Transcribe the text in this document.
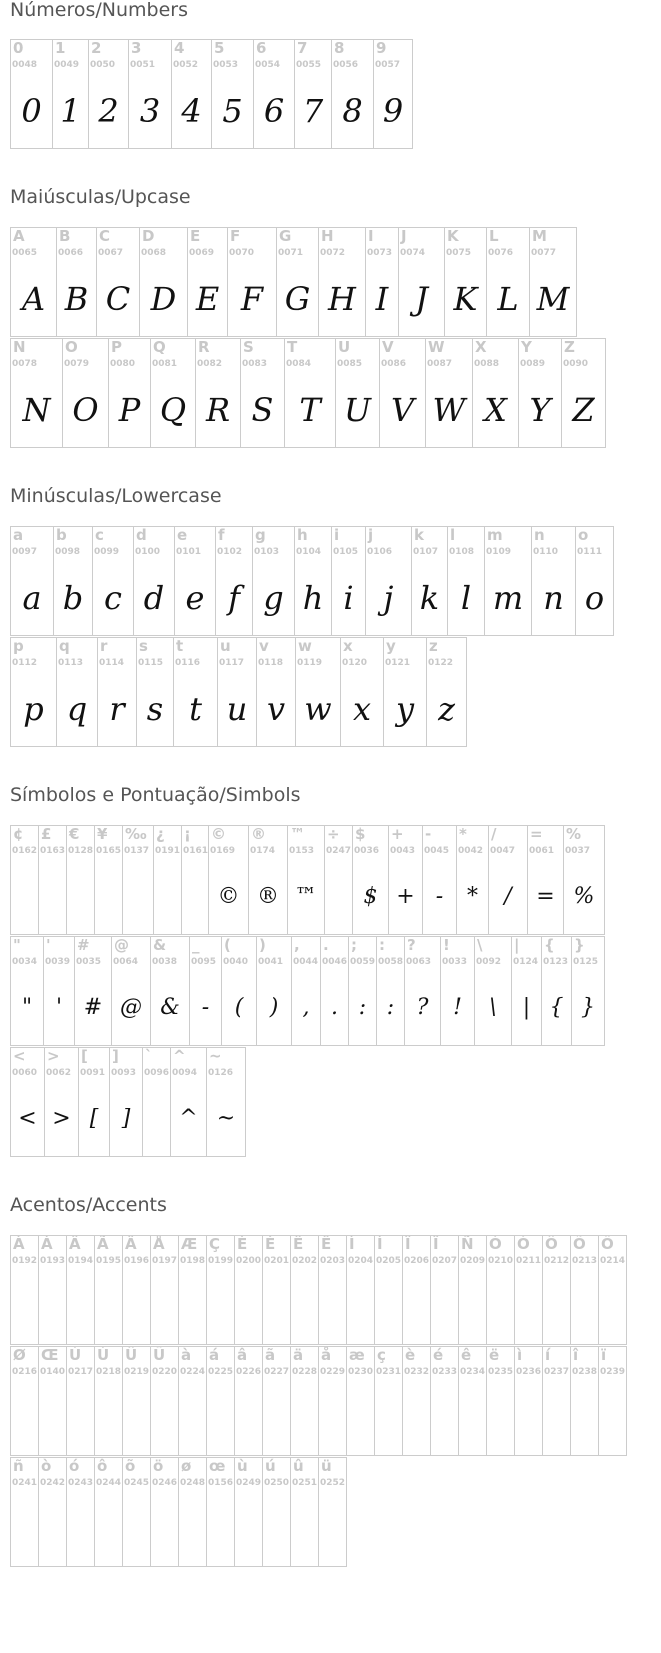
Números/Numbers
Maiúsculas/Upcase
Minúsculas/Lowercase
Símbolos e Pontuação/Simbols
Acentos/Accents
0
0048
0
1
0049
1
2
0050
2
3
0051
3
4
0052
4
5
0053
5
6
0054
6
7
0055
7
8
0056
8
9
0057
9
A
0065
A
B
0066
B
C
0067
C
D
0068
D
E
0069
E
F
0070
F
G
0071
G
H
0072
H
I
0073
I
J
0074
J
K
0075
K
L
0076
L
M
0077
M
N
0078
N
O
0079
O
P
0080
P
Q
0081
Q
R
0082
R
S
0083
S
T
0084
T
U
0085
U
V
0086
V
W
0087
W
X
0088
X
Y
0089
Y
Z
0090
Z
a
0097
a
b
0098
b
c
0099
c
d
0100
d
e
0101
e
f
0102
f
g
0103
g
h
0104
h
i
0105
i
j
0106
j
k
0107
k
l
0108
l
m
0109
m
n
0110
n
o
0111
o
p
0112
p
q
0113
q
r
0114
r
s
0115
s
t
0116
t
u
0117
u
v
0118
v
w
0119
w
x
0120
x
y
0121
y
z
0122
z
¢
0162
£
0163
€
0128
¥
0165
‰
0137
¿
0191
¡
0161
©
0169
©
®
0174
®
™
0153
™
÷
0247
$
0036
$
+
0043
+
-
0045
-
*
0042
*
/
0047
/
=
0061
=
%
0037
%
"
0034
"
'
0039
'
#
0035
#
@
0064
@
&
0038
&
_
0095
-
(
0040
(
)
0041
)
,
0044
,
.
0046
.
;
0059
:
:
0058
:
?
0063
?
!
0033
!
\
0092
\
|
0124
|
{
0123
{
}
0125
}
<
0060
<
>
0062
>
[
0091
[
]
0093
]
`
0096
^
0094
^
~
0126
~
À
0192
Á
0193
Â
0194
Ã
0195
Ä
0196
Å
0197
Æ
0198
Ç
0199
È
0200
É
0201
Ê
0202
Ë
0203
Ì
0204
Í
0205
Î
0206
Ï
0207
Ñ
0209
Ò
0210
Ó
0211
Ô
0212
Õ
0213
Ö
0214
Ø
0216
Œ
0140
Ù
0217
Ú
0218
Û
0219
Ü
0220
à
0224
á
0225
â
0226
ã
0227
ä
0228
å
0229
æ
0230
ç
0231
è
0232
é
0233
ê
0234
ë
0235
ì
0236
í
0237
î
0238
ï
0239
ñ
0241
ò
0242
ó
0243
ô
0244
õ
0245
ö
0246
ø
0248
œ
0156
ù
0249
ú
0250
û
0251
ü
0252
